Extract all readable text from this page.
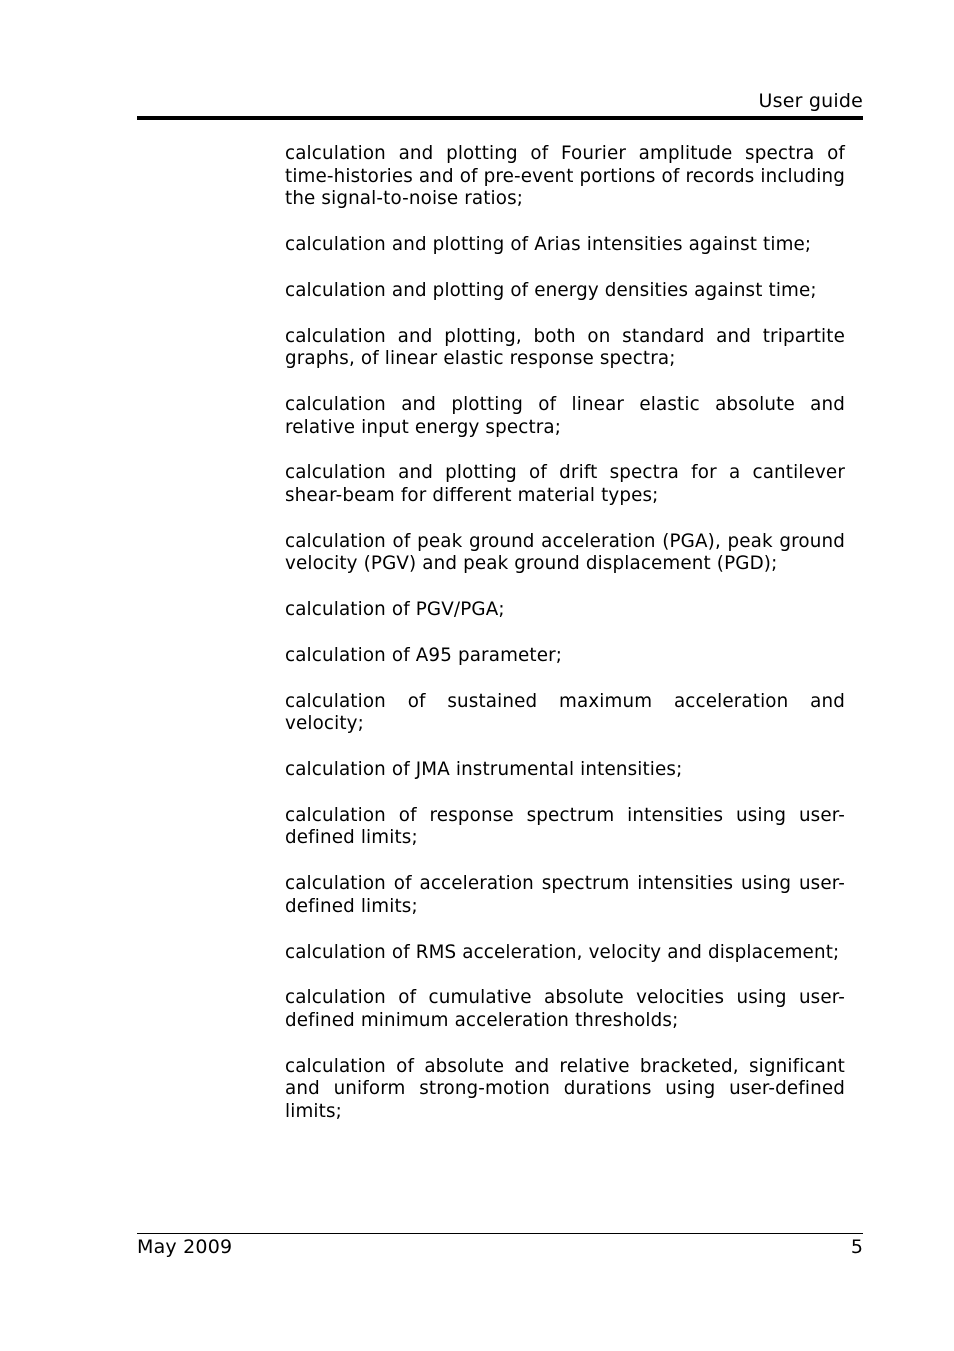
User guide
calculation and plotting of Fourier amplitude spectra of time-histories and of pre-event portions of records including the signal-to-noise ratios;
calculation and plotting of Arias intensities against time;
calculation and plotting of energy densities against time;
calculation and plotting, both on standard and tripartite graphs, of linear elastic response spectra;
calculation and plotting of linear elastic absolute and relative input energy spectra;
calculation and plotting of drift spectra for a cantilever shear-beam for different material types;
calculation of peak ground acceleration (PGA), peak ground velocity (PGV) and peak ground displacement (PGD);
calculation of PGV/PGA;
calculation of A95 parameter;
calculation of sustained maximum acceleration and velocity;
calculation of JMA instrumental intensities;
calculation of response spectrum intensities using user-defined limits;
calculation of acceleration spectrum intensities using user-defined limits;
calculation of RMS acceleration, velocity and displacement;
calculation of cumulative absolute velocities using user-defined minimum acceleration thresholds;
calculation of absolute and relative bracketed, significant and uniform strong-motion durations using user-defined limits;
May 2009	5
